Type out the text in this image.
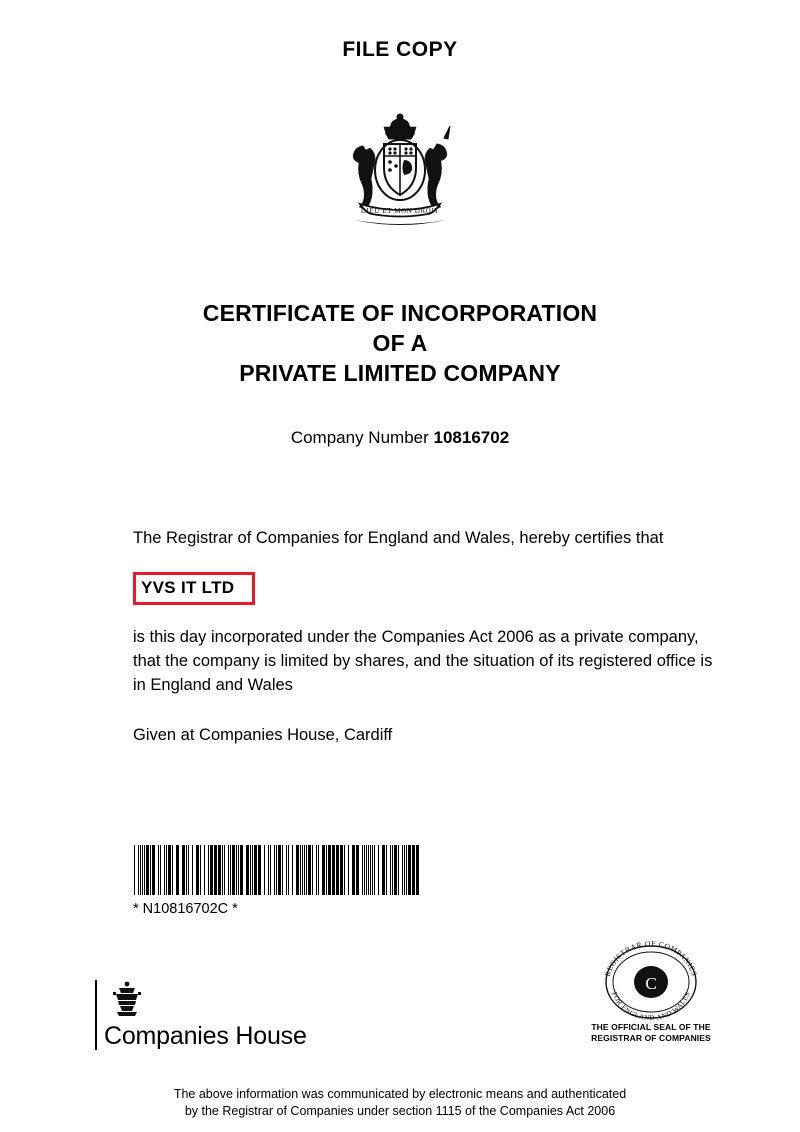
FILE COPY
DIEU ET MON DROIT
CERTIFICATE OF INCORPORATION
OF A
PRIVATE LIMITED COMPANY
Company Number 10816702

The Registrar of Companies for England and Wales, hereby certifies that

YVS IT LTD

is this day incorporated under the Companies Act 2006 as a private company, that the company is limited by shares, and the situation of its registered office is in England and Wales

Given at Companies House, Cardiff

* N10816702C *
Companies House
C
REGISTRAR OF COMPANIES
FOR ENGLAND AND WALES
THE OFFICIAL SEAL OF THE
REGISTRAR OF COMPANIES
The above information was communicated by electronic means and authenticated
by the Registrar of Companies under section 1115 of the Companies Act 2006
